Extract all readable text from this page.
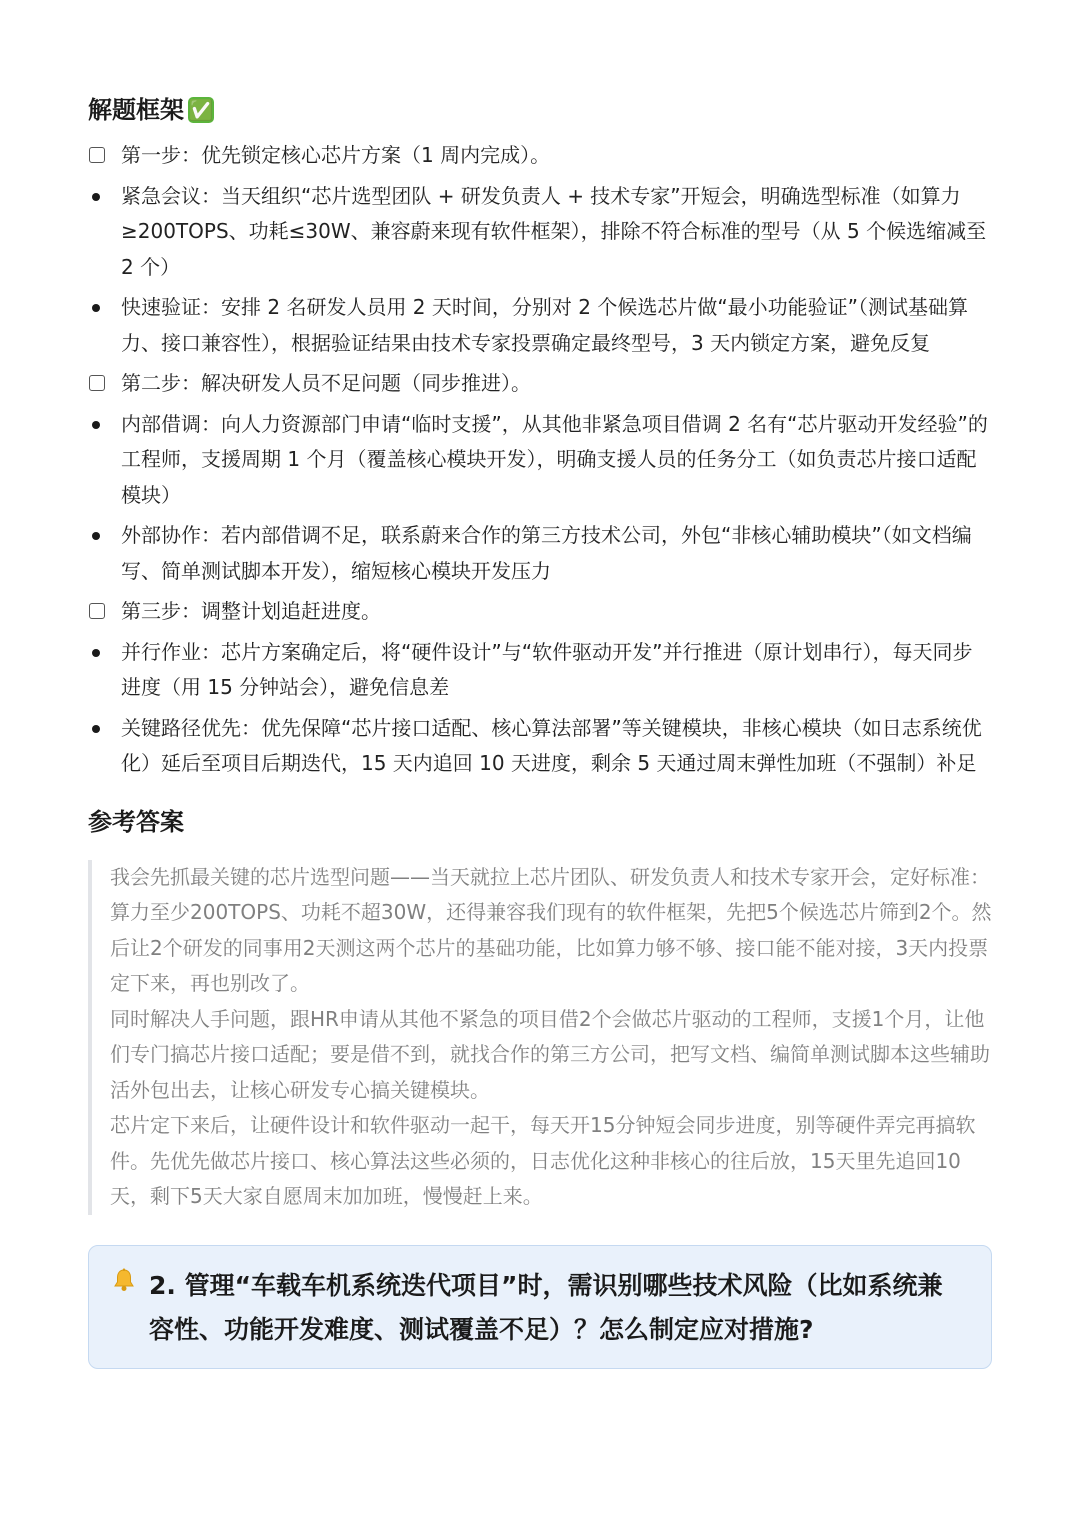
解题框架 ✅
第一步：优先锁定核心芯片方案（1 周内完成）。
紧急会议：当天组织“芯片选型团队 + 研发负责人 + 技术专家”开短会，明确选型标准（如算力≥200TOPS、功耗≤30W、兼容蔚来现有软件框架），排除不符合标准的型号（从 5 个候选缩减至 2 个）
快速验证：安排 2 名研发人员用 2 天时间，分别对 2 个候选芯片做“最小功能验证”（测试基础算力、接口兼容性），根据验证结果由技术专家投票确定最终型号，3 天内锁定方案，避免反复
第二步：解决研发人员不足问题（同步推进）。
内部借调：向人力资源部门申请“临时支援”，从其他非紧急项目借调 2 名有“芯片驱动开发经验”的工程师，支援周期 1 个月（覆盖核心模块开发），明确支援人员的任务分工（如负责芯片接口适配模块）
外部协作：若内部借调不足，联系蔚来合作的第三方技术公司，外包“非核心辅助模块”（如文档编写、简单测试脚本开发），缩短核心模块开发压力
第三步：调整计划追赶进度。
并行作业：芯片方案确定后，将“硬件设计”与“软件驱动开发”并行推进（原计划串行），每天同步进度（用 15 分钟站会），避免信息差
关键路径优先：优先保障“芯片接口适配、核心算法部署”等关键模块，非核心模块（如日志系统优化）延后至项目后期迭代，15 天内追回 10 天进度，剩余 5 天通过周末弹性加班（不强制）补足
参考答案

我会先抓最关键的芯片选型问题——当天就拉上芯片团队、研发负责人和技术专家开会，定好标准：算力至少200TOPS、功耗不超30W，还得兼容我们现有的软件框架，先把5个候选芯片筛到2个。然后让2个研发的同事用2天测这两个芯片的基础功能，比如算力够不够、接口能不能对接，3天内投票定下来，再也别改了。

同时解决人手问题，跟HR申请从其他不紧急的项目借2个会做芯片驱动的工程师，支援1个月，让他们专门搞芯片接口适配；要是借不到，就找合作的第三方公司，把写文档、编简单测试脚本这些辅助活外包出去，让核心研发专心搞关键模块。

芯片定下来后，让硬件设计和软件驱动一起干，每天开15分钟短会同步进度，别等硬件弄完再搞软件。先优先做芯片接口、核心算法这些必须的，日志优化这种非核心的往后放，15天里先追回10天，剩下5天大家自愿周末加加班，慢慢赶上来。

2. 管理“车载车机系统迭代项目”时，需识别哪些技术风险（比如系统兼容性、功能开发难度、测试覆盖不足）？怎么制定应对措施?
